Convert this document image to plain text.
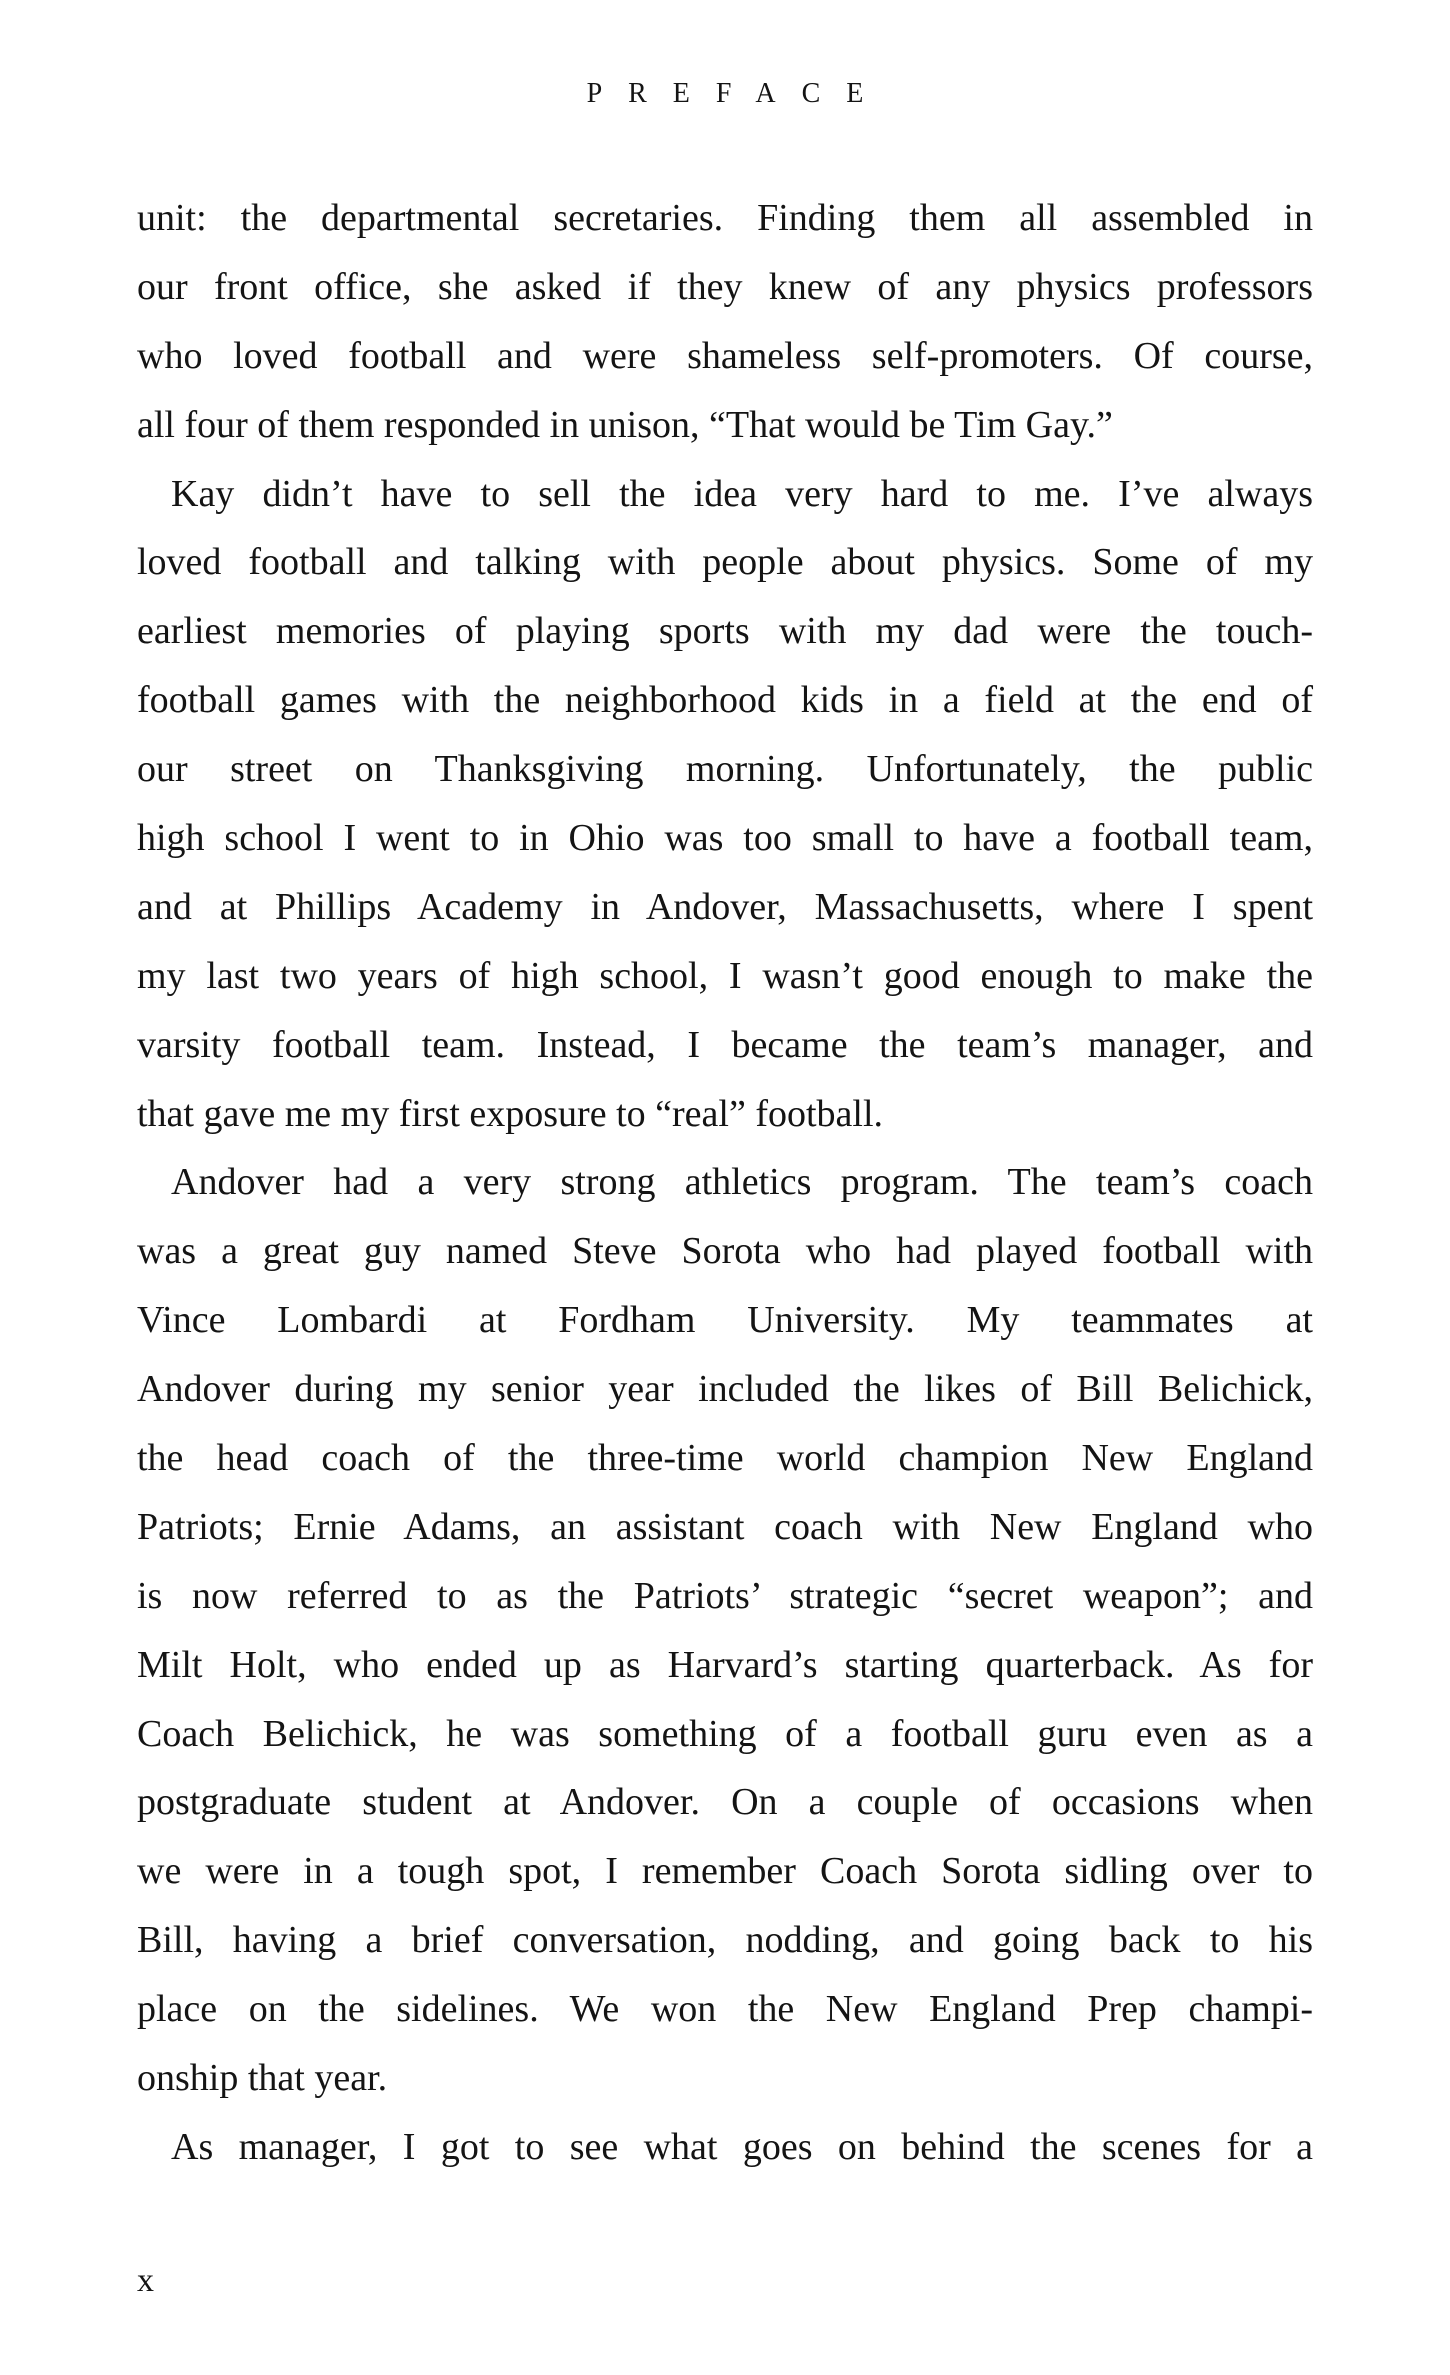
PREFACE
unit: the departmental secretaries. Finding them all assembled in
our front office, she asked if they knew of any physics professors
who loved football and were shameless self-promoters. Of course,
all four of them responded in unison, “That would be Tim Gay.”
Kay didn’t have to sell the idea very hard to me. I’ve always
loved football and talking with people about physics. Some of my
earliest memories of playing sports with my dad were the touch-
football games with the neighborhood kids in a field at the end of
our street on Thanksgiving morning. Unfortunately, the public
high school I went to in Ohio was too small to have a football team,
and at Phillips Academy in Andover, Massachusetts, where I spent
my last two years of high school, I wasn’t good enough to make the
varsity football team. Instead, I became the team’s manager, and
that gave me my first exposure to “real” football.
Andover had a very strong athletics program. The team’s coach
was a great guy named Steve Sorota who had played football with
Vince Lombardi at Fordham University. My teammates at
Andover during my senior year included the likes of Bill Belichick,
the head coach of the three-time world champion New England
Patriots; Ernie Adams, an assistant coach with New England who
is now referred to as the Patriots’ strategic “secret weapon”; and
Milt Holt, who ended up as Harvard’s starting quarterback. As for
Coach Belichick, he was something of a football guru even as a
postgraduate student at Andover. On a couple of occasions when
we were in a tough spot, I remember Coach Sorota sidling over to
Bill, having a brief conversation, nodding, and going back to his
place on the sidelines. We won the New England Prep champi-
onship that year.
As manager, I got to see what goes on behind the scenes for a
x
